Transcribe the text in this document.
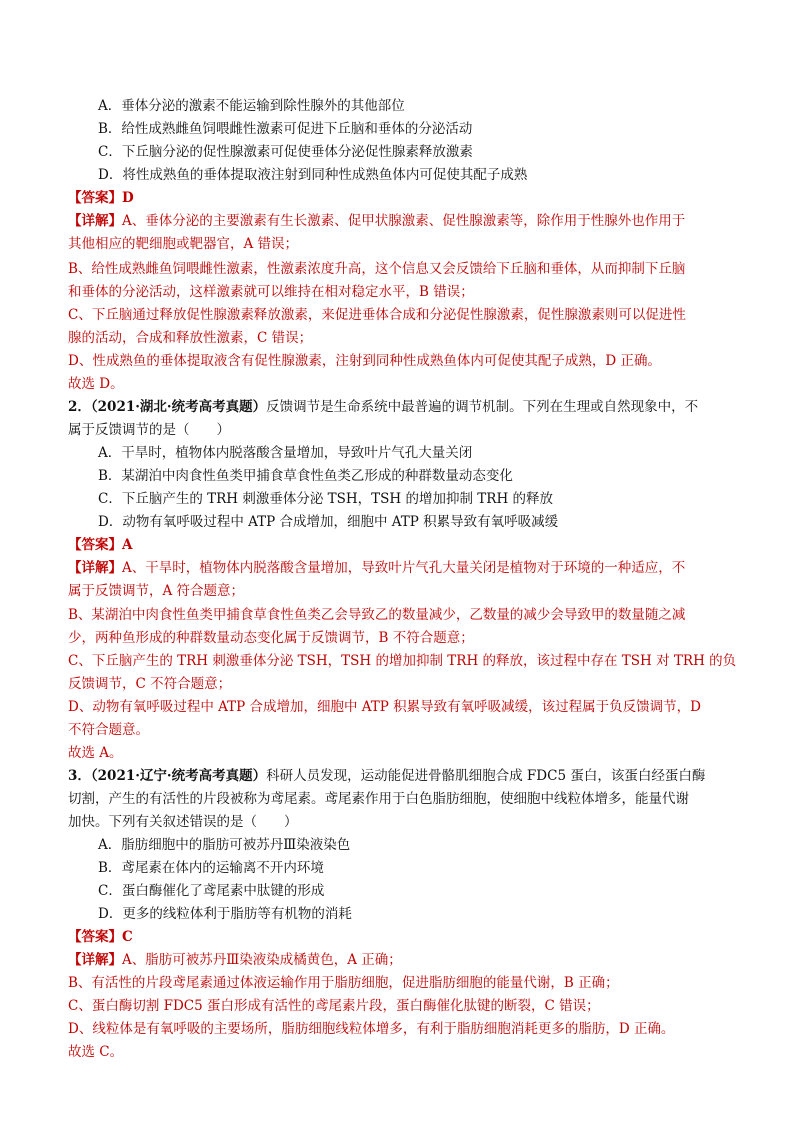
A．垂体分泌的激素不能运输到除性腺外的其他部位
B．给性成熟雌鱼饲喂雌性激素可促进下丘脑和垂体的分泌活动
C．下丘脑分泌的促性腺激素可促使垂体分泌促性腺素释放激素
D．将性成熟鱼的垂体提取液注射到同种性成熟鱼体内可促使其配子成熟
【答案】D
【详解】A、垂体分泌的主要激素有生长激素、促甲状腺激素、促性腺激素等，除作用于性腺外也作用于
其他相应的靶细胞或靶器官，A 错误；
B、给性成熟雌鱼饲喂雌性激素，性激素浓度升高，这个信息又会反馈给下丘脑和垂体，从而抑制下丘脑
和垂体的分泌活动，这样激素就可以维持在相对稳定水平，B 错误；
C、下丘脑通过释放促性腺激素释放激素，来促进垂体合成和分泌促性腺激素，促性腺激素则可以促进性
腺的活动，合成和释放性激素，C 错误；
D、性成熟鱼的垂体提取液含有促性腺激素，注射到同种性成熟鱼体内可促使其配子成熟，D 正确。
故选 D。
2．（2021·湖北·统考高考真题）反馈调节是生命系统中最普遍的调节机制。下列在生理或自然现象中，不
属于反馈调节的是（　　）
A．干旱时，植物体内脱落酸含量增加，导致叶片气孔大量关闭
B．某湖泊中肉食性鱼类甲捕食草食性鱼类乙形成的种群数量动态变化
C．下丘脑产生的 TRH 刺激垂体分泌 TSH，TSH 的增加抑制 TRH 的释放
D．动物有氧呼吸过程中 ATP 合成增加，细胞中 ATP 积累导致有氧呼吸减缓
【答案】A
【详解】A、干旱时，植物体内脱落酸含量增加，导致叶片气孔大量关闭是植物对于环境的一种适应，不
属于反馈调节，A 符合题意；
B、某湖泊中肉食性鱼类甲捕食草食性鱼类乙会导致乙的数量减少，乙数量的减少会导致甲的数量随之减
少，两种鱼形成的种群数量动态变化属于反馈调节，B 不符合题意；
C、下丘脑产生的 TRH 刺激垂体分泌 TSH，TSH 的增加抑制 TRH 的释放，该过程中存在 TSH 对 TRH 的负
反馈调节，C 不符合题意；
D、动物有氧呼吸过程中 ATP 合成增加，细胞中 ATP 积累导致有氧呼吸减缓，该过程属于负反馈调节，D
不符合题意。
故选 A。
3．（2021·辽宁·统考高考真题）科研人员发现，运动能促进骨骼肌细胞合成 FDC5 蛋白，该蛋白经蛋白酶
切割，产生的有活性的片段被称为鸢尾素。鸢尾素作用于白色脂肪细胞，使细胞中线粒体增多，能量代谢
加快。下列有关叙述错误的是（　　）
A．脂肪细胞中的脂肪可被苏丹Ⅲ染液染色
B．鸢尾素在体内的运输离不开内环境
C．蛋白酶催化了鸢尾素中肽键的形成
D．更多的线粒体利于脂肪等有机物的消耗
【答案】C
【详解】A、脂肪可被苏丹Ⅲ染液染成橘黄色，A 正确；
B、有活性的片段鸢尾素通过体液运输作用于脂肪细胞，促进脂肪细胞的能量代谢，B 正确；
C、蛋白酶切割 FDC5 蛋白形成有活性的鸢尾素片段，蛋白酶催化肽键的断裂，C 错误；
D、线粒体是有氧呼吸的主要场所，脂肪细胞线粒体增多，有利于脂肪细胞消耗更多的脂肪，D 正确。
故选 C。
